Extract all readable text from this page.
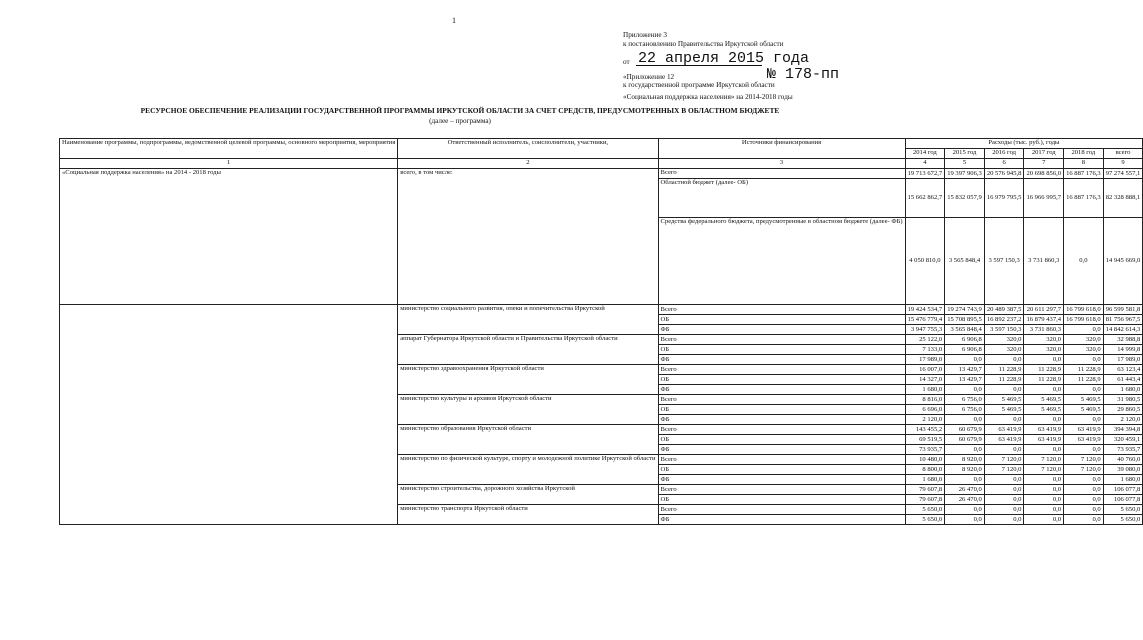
1
Приложение 3
к постановлению Правительства Иркутской области
от
«Приложение 12
к государственной программе Иркутской области
«Социальная поддержка населения» на 2014-2018 годы
22 апреля 2015 года
№ 178-пп
РЕСУРСНОЕ ОБЕСПЕЧЕНИЕ РЕАЛИЗАЦИИ ГОСУДАРСТВЕННОЙ ПРОГРАММЫ ИРКУТСКОЙ ОБЛАСТИ ЗА СЧЕТ СРЕДСТВ, ПРЕДУСМОТРЕННЫХ В ОБЛАСТНОМ БЮДЖЕТЕ
(далее – программа)
Наименование программы, подпрограммы, ведомственной целевой программы, основного мероприятия, мероприятия	Ответственный исполнитель, соисполнители, участники,	Источники финансирования	Расходы (тыс. руб.), годы					
			2014 год	2015 год	2016 год	2017 год	2018 год	всего
1	2	3	4	5	6	7	8	9
«Социальная поддержка населения» на 2014 - 2018 годы	всего, в том числе:	Всего	19 713 672,7	19 397 906,3	20 576 945,8	20 698 856,0	16 887 176,3	97 274 557,1
		Областной бюджет (далее- ОБ)	15 662 862,7	15 832 057,9	16 979 795,5	16 966 995,7	16 887 176,3	82 328 888,1
		Средства федерального бюджета, предусмотренные в областном бюджете (далее- ФБ)	4 050 810,0	3 565 848,4	3 597 150,3	3 731 860,3	0,0	14 945 669,0
	министерство социального развития, опеки и попечительства Иркутской	Всего	19 424 534,7	19 274 743,9	20 489 387,5	20 611 297,7	16 799 618,0	96 599 581,8
		ОБ	15 476 779,4	15 708 895,5	16 892 237,2	16 879 437,4	16 799 618,0	81 756 967,5
		ФБ	3 947 755,3	3 565 848,4	3 597 150,3	3 731 860,3	0,0	14 842 614,3
	аппарат Губернатора Иркутской области и Правительства Иркутской области	Всего	25 122,0	6 906,8	320,0	320,0	320,0	32 988,8
		ОБ	7 133,0	6 906,8	320,0	320,0	320,0	14 999,8
		ФБ	17 989,0	0,0	0,0	0,0	0,0	17 989,0
	министерство здравоохранения Иркутской области	Всего	16 007,0	13 429,7	11 228,9	11 228,9	11 228,9	63 123,4
		ОБ	14 327,0	13 429,7	11 228,9	11 228,9	11 228,9	61 443,4
		ФБ	1 680,0	0,0	0,0	0,0	0,0	1 680,0
	министерство культуры и архивов Иркутской области	Всего	8 816,0	6 756,0	5 469,5	5 469,5	5 469,5	31 980,5
		ОБ	6 696,0	6 756,0	5 469,5	5 469,5	5 469,5	29 860,5
		ФБ	2 120,0	0,0	0,0	0,0	0,0	2 120,0
	министерство образования Иркутской области	Всего	143 455,2	60 679,9	63 419,9	63 419,9	63 419,9	394 394,8
		ОБ	69 519,5	60 679,9	63 419,9	63 419,9	63 419,9	320 459,1
		ФБ	73 935,7	0,0	0,0	0,0	0,0	73 935,7
	министерство по физической культуре, спорту и молодежной политике Иркутской области	Всего	10 480,0	8 920,0	7 120,0	7 120,0	7 120,0	40 760,0
		ОБ	8 800,0	8 920,0	7 120,0	7 120,0	7 120,0	39 080,0
		ФБ	1 680,0	0,0	0,0	0,0	0,0	1 680,0
	министерство строительства, дорожного хозяйства Иркутской	Всего	79 607,8	26 470,0	0,0	0,0	0,0	106 077,8
		ОБ	79 607,8	26 470,0	0,0	0,0	0,0	106 077,8
	министерство транспорта Иркутской области	Всего	5 650,0	0,0	0,0	0,0	0,0	5 650,0
		ФБ	5 650,0	0,0	0,0	0,0	0,0	5 650,0
